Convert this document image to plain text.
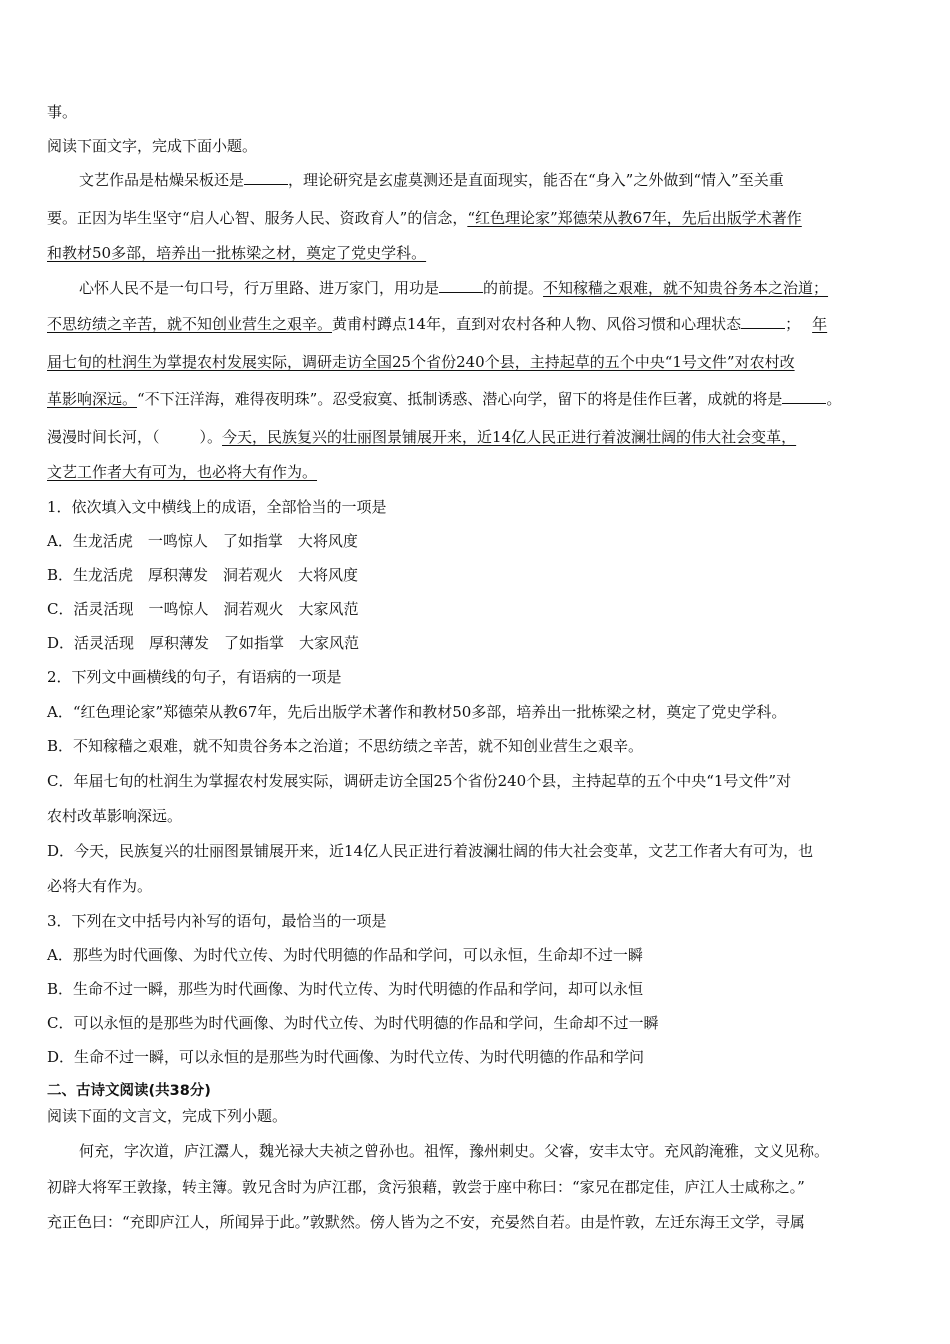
事。
阅读下面文字，完成下面小题。
文艺作品是枯燥呆板还是	，理论研究是玄虚莫测还是直面现实，能否在“身入”之外做到“情入”至关重
要。正因为毕生坚守“启人心智、服务人民、资政育人”的信念，“红色理论家”郑德荣从教67年，先后出版学术著作
和教材50多部，培养出一批栋梁之材，奠定了党史学科。
心怀人民不是一句口号，行万里路、进万家门，用功是	的前提。不知稼穑之艰难，就不知贵谷务本之治道；
不思纺绩之辛苦，就不知创业营生之艰辛。黄甫村蹲点14年，直到对农村各种人物、风俗习惯和心理状态	； 年
届七旬的杜润生为掌提农村发展实际，调研走访全国25个省份240个县，主持起草的五个中央“1号文件”对农村改
革影响深远。“不下汪洋海，难得夜明珠”。忍受寂寞、抵制诱惑、潜心向学，留下的将是佳作巨著，成就的将是	。
漫漫时间长河，（	）。今天，民族复兴的壮丽图景铺展开来，近14亿人民正进行着波澜壮阔的伟大社会变革，
文艺工作者大有可为，也必将大有作为。
1．依次填入文中横线上的成语，全部恰当的一项是
A．生龙活虎　一鸣惊人　了如指掌　大将风度
B．生龙活虎　厚积薄发　洞若观火　大将风度
C．活灵活现　一鸣惊人　洞若观火　大家风范
D．活灵活现　厚积薄发　了如指掌　大家风范
2．下列文中画横线的句子，有语病的一项是
A．“红色理论家”郑德荣从教67年，先后出版学术著作和教材50多部，培养出一批栋梁之材，奠定了党史学科。
B．不知稼穑之艰难，就不知贵谷务本之治道；不思纺绩之辛苦，就不知创业营生之艰辛。
C．年届七旬的杜润生为掌握农村发展实际，调研走访全国25个省份240个县，主持起草的五个中央“1号文件”对
农村改革影响深远。
D．今天，民族复兴的壮丽图景铺展开来，近14亿人民正进行着波澜壮阔的伟大社会变革，文艺工作者大有可为，也
必将大有作为。
3．下列在文中括号内补写的语句，最恰当的一项是
A．那些为时代画像、为时代立传、为时代明德的作品和学问，可以永恒，生命却不过一瞬
B．生命不过一瞬，那些为时代画像、为时代立传、为时代明德的作品和学问，却可以永恒
C．可以永恒的是那些为时代画像、为时代立传、为时代明德的作品和学问，生命却不过一瞬
D．生命不过一瞬，可以永恒的是那些为时代画像、为时代立传、为时代明德的作品和学问
二、古诗文阅读(共38分)
阅读下面的文言文，完成下列小题。
何充，字次道，庐江灊人，魏光禄大夫祯之曾孙也。祖恽，豫州刺史。父睿，安丰太守。充风韵淹雅，文义见称。
初辟大将军王敦掾，转主簿。敦兄含时为庐江郡，贪污狼藉，敦尝于座中称曰：“家兄在郡定佳，庐江人士咸称之。”
充正色曰：“充即庐江人，所闻异于此。”敦默然。傍人皆为之不安，充晏然自若。由是忤敦，左迁东海王文学，寻属
